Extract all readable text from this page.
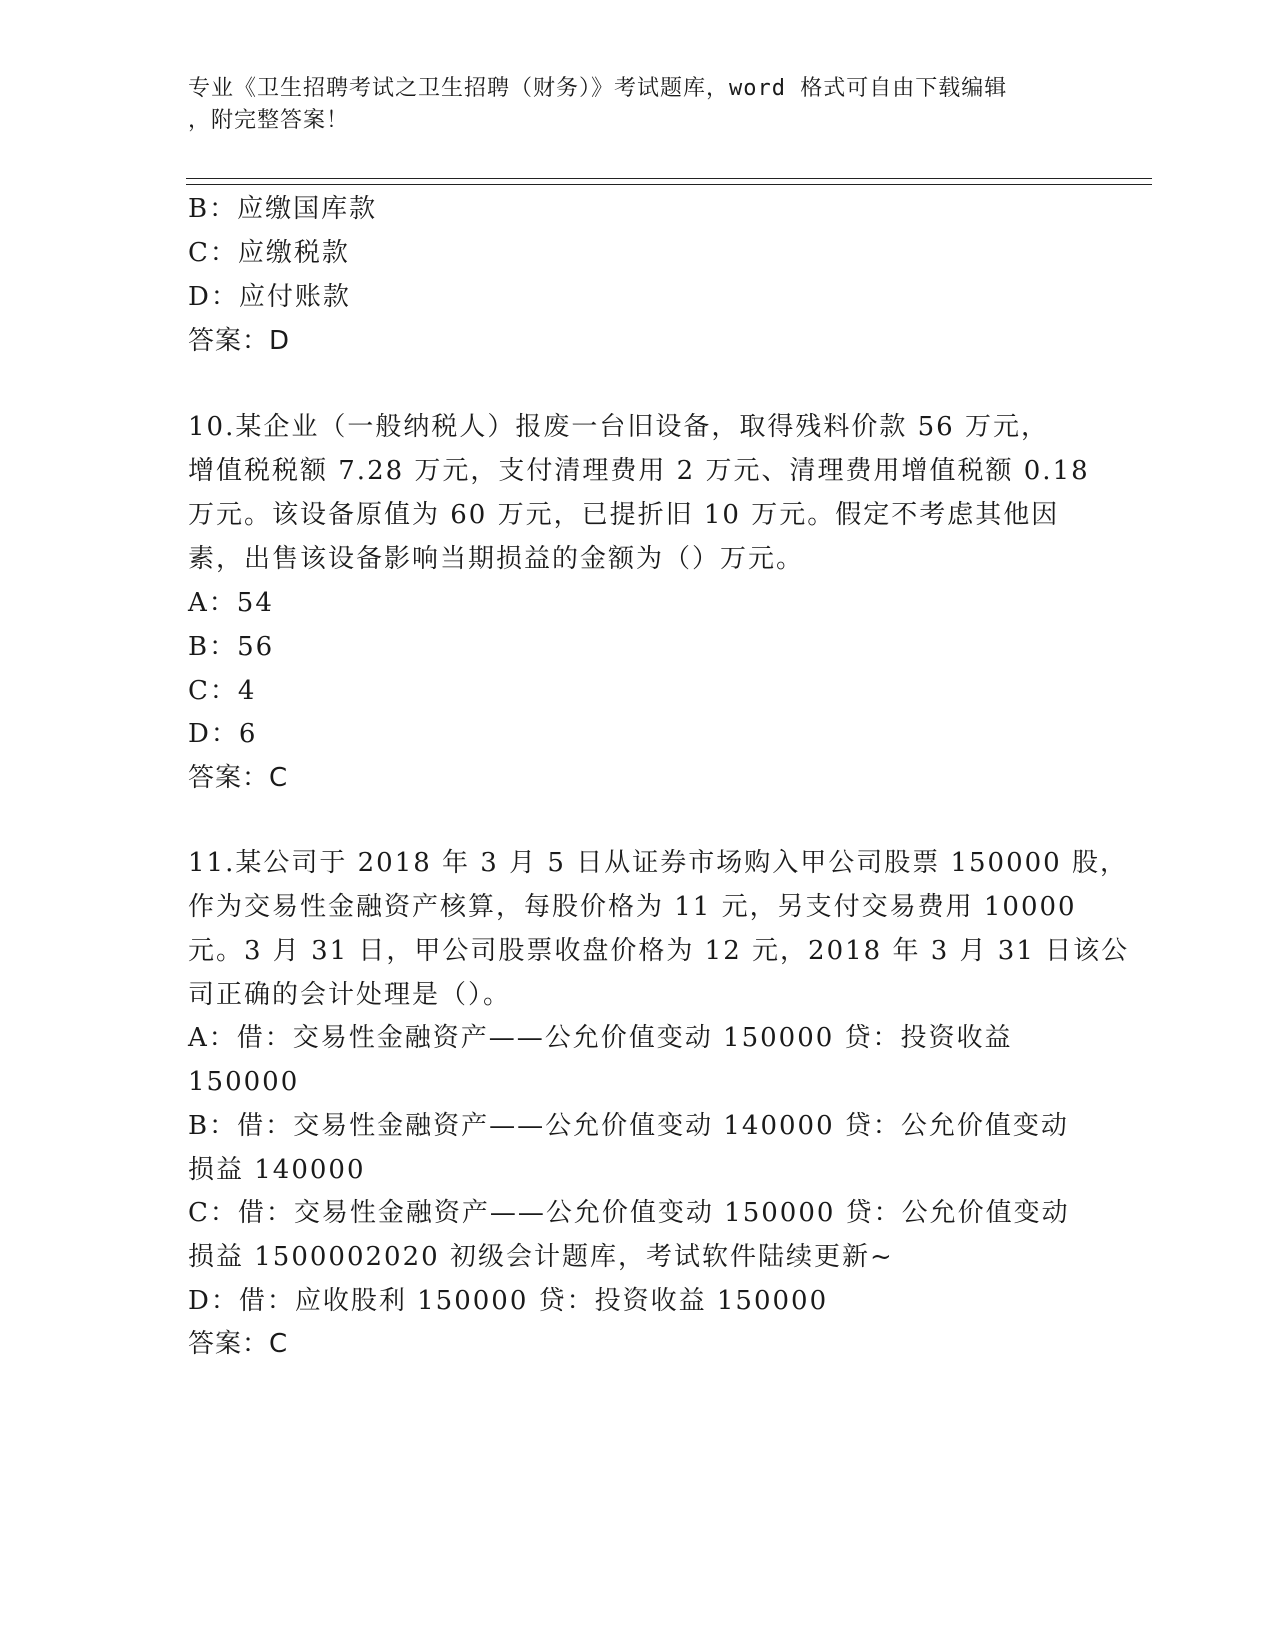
专业《卫生招聘考试之卫生招聘（财务）》考试题库，word 格式可自由下载编辑
，附完整答案！
B：应缴国库款
C：应缴税款
D：应付账款
答案：D
10.某企业（一般纳税人）报废一台旧设备，取得残料价款 56 万元，
增值税税额 7.28 万元，支付清理费用 2 万元、清理费用增值税额 0.18
万元。该设备原值为 60 万元，已提折旧 10 万元。假定不考虑其他因
素，出售该设备影响当期损益的金额为（）万元。
A：54
B：56
C：4
D：6
答案：C
11.某公司于 2018 年 3 月 5 日从证券市场购入甲公司股票 150000 股，
作为交易性金融资产核算，每股价格为 11 元，另支付交易费用 10000
元。3 月 31 日，甲公司股票收盘价格为 12 元，2018 年 3 月 31 日该公
司正确的会计处理是（）。
A：借：交易性金融资产——公允价值变动 150000 贷：投资收益
150000
B：借：交易性金融资产——公允价值变动 140000 贷：公允价值变动
损益 140000
C：借：交易性金融资产——公允价值变动 150000 贷：公允价值变动
损益 1500002020 初级会计题库，考试软件陆续更新~
D：借：应收股利 150000 贷：投资收益 150000
答案：C
